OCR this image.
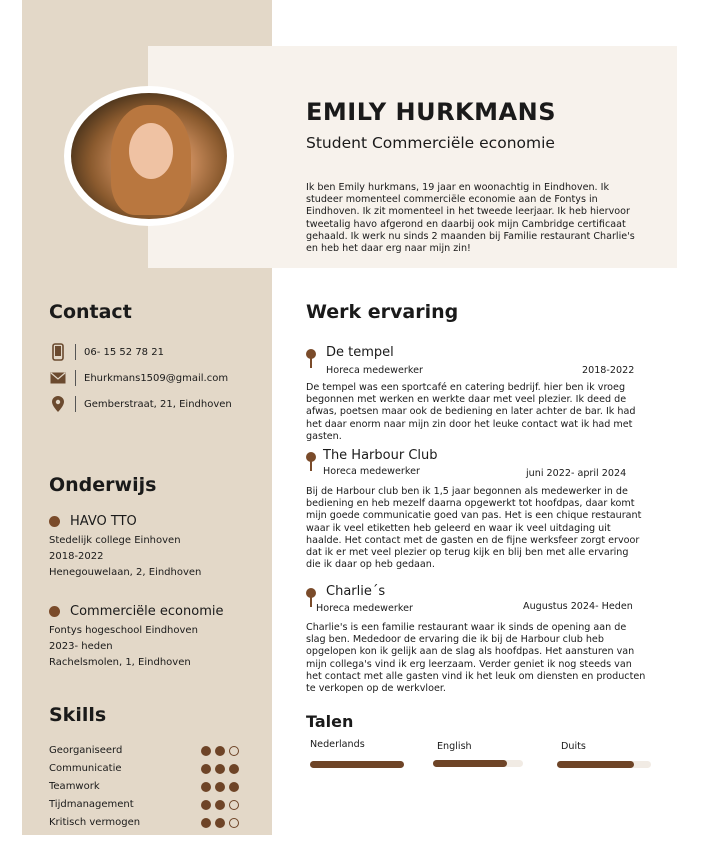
EMILY HURKMANS
Student Commerciële economie
Ik ben Emily hurkmans, 19 jaar en woonachtig in Eindhoven. Ik studeer momenteel commerciële economie aan de Fontys in Eindhoven. Ik zit momenteel in het tweede leerjaar. Ik heb hiervoor tweetalig havo afgerond en daarbij ook mijn Cambridge certificaat gehaald. Ik werk nu sinds 2 maanden bij Familie restaurant Charlie's en heb het daar erg naar mijn zin!
Contact
06- 15 52 78 21
Ehurkmans1509@gmail.com
Gemberstraat, 21, Eindhoven
Onderwijs
HAVO TTO
Stedelijk college Einhoven
2018-2022
Henegouwelaan, 2, Eindhoven
Commerciële economie
Fontys hogeschool Eindhoven
2023- heden
Rachelsmolen, 1, Eindhoven
Skills
Georganiseerd
Communicatie
Teamwork
Tijdmanagement
Kritisch vermogen
Werk ervaring
De tempel
Horeca medewerker	2018-2022
De tempel was een sportcafé en catering bedrijf. hier ben ik vroeg begonnen met werken en werkte daar met veel plezier. Ik deed de afwas, poetsen maar ook de bediening en later achter de bar. Ik had het daar enorm naar mijn zin door het leuke contact wat ik had met gasten.
The Harbour Club
Horeca medewerker	juni 2022- april 2024
Bij de Harbour club ben ik 1,5 jaar begonnen als medewerker in de bediening en heb mezelf daarna opgewerkt tot hoofdpas, daar komt mijn goede communicatie goed van pas. Het is een chique restaurant waar ik veel etiketten heb geleerd en waar ik veel uitdaging uit haalde. Het contact met de gasten en de fijne werksfeer zorgt ervoor dat ik er met veel plezier op terug kijk en blij ben met alle ervaring die ik daar op heb gedaan.
Charlie´s
Horeca medewerker	Augustus 2024- Heden
Charlie's is een familie restaurant waar ik sinds de opening aan de slag ben. Mededoor de ervaring die ik bij de Harbour club heb opgelopen kon ik gelijk aan de slag als hoofdpas. Het aansturen van mijn collega's vind ik erg leerzaam. Verder geniet ik nog steeds van het contact met alle gasten vind ik het leuk om diensten en producten te verkopen op de werkvloer.
Talen
Nederlands	English	Duits
